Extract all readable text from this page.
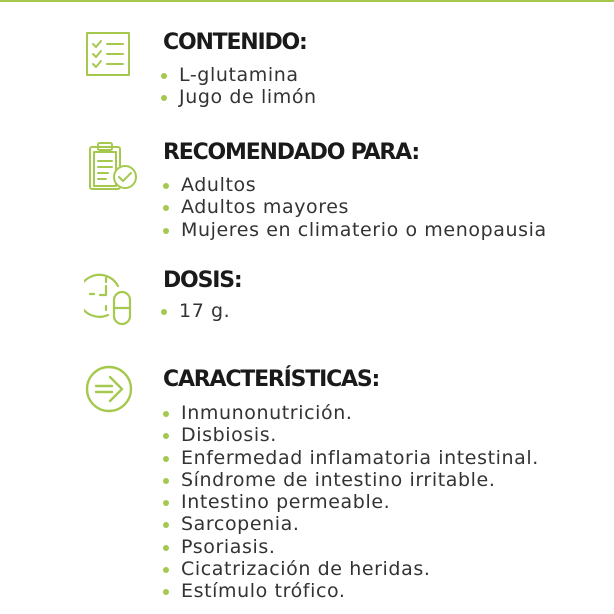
CONTENIDO:
L-glutamina
Jugo de limón
RECOMENDADO PARA:
Adultos
Adultos mayores
Mujeres en climaterio o menopausia
DOSIS:
17 g.
CARACTERÍSTICAS:
Inmunonutrición.
Disbiosis.
Enfermedad inflamatoria intestinal.
Síndrome de intestino irritable.
Intestino permeable.
Sarcopenia.
Psoriasis.
Cicatrización de heridas.
Estímulo trófico.
